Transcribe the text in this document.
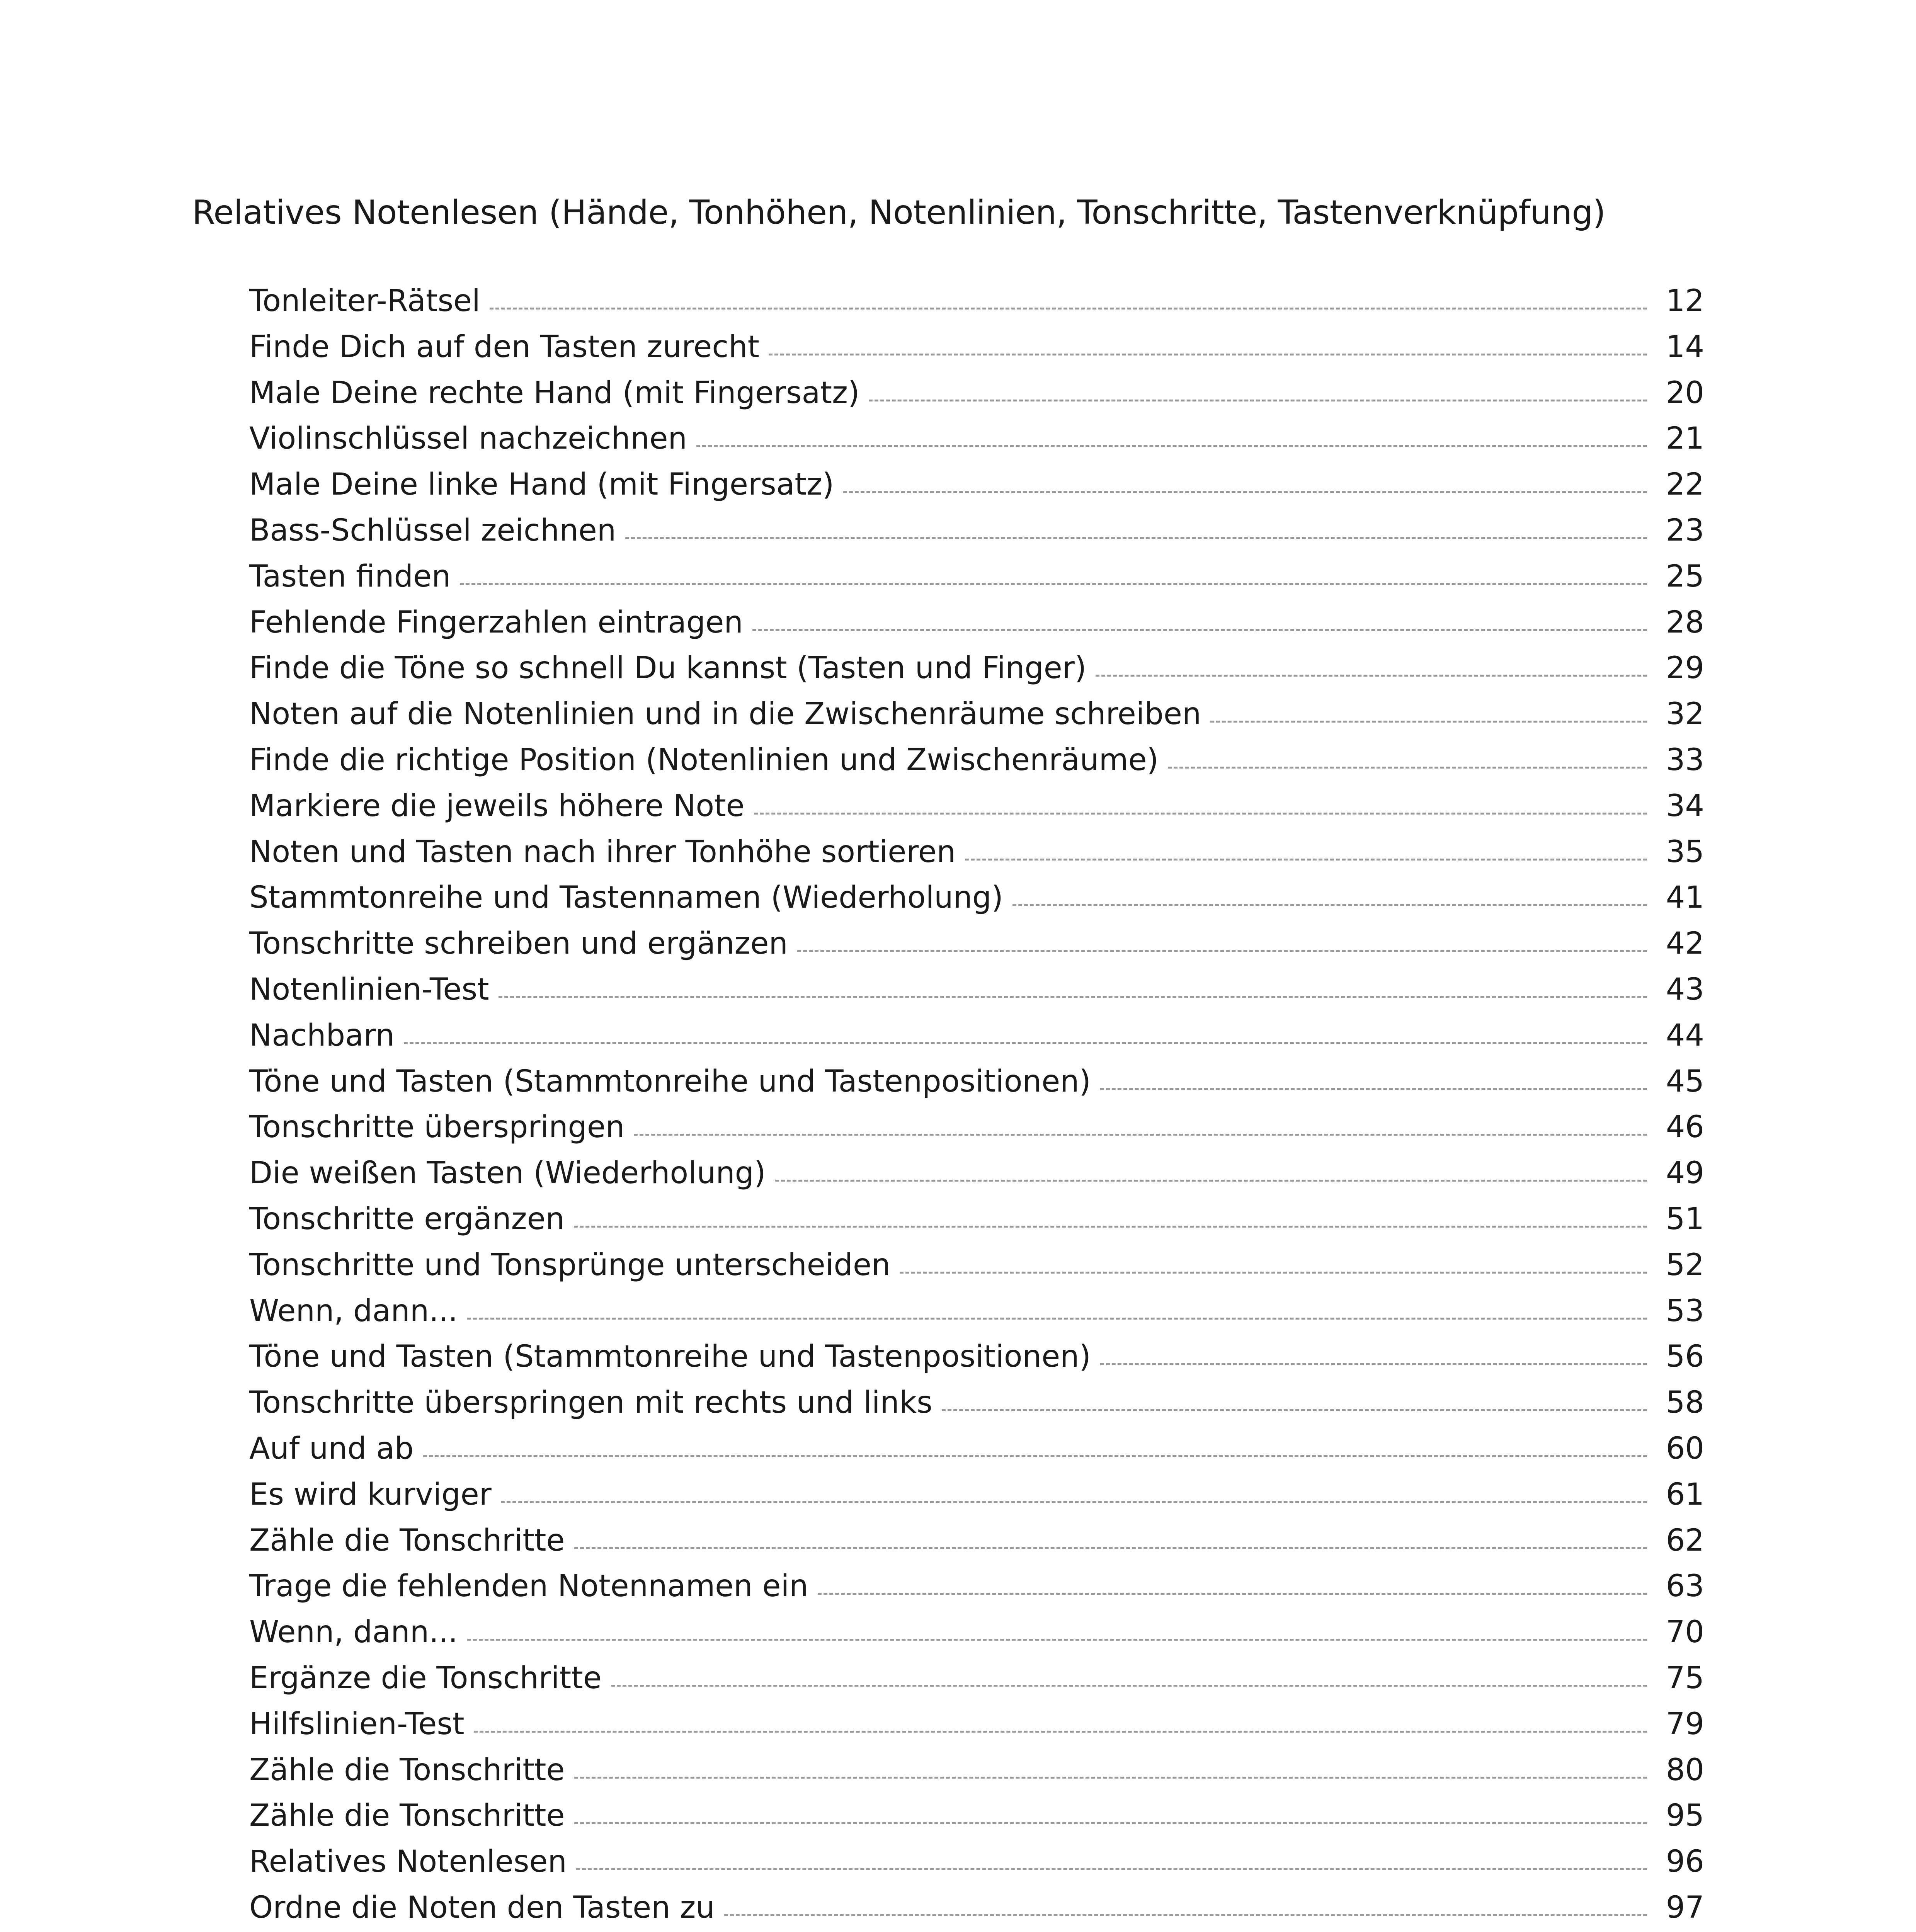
Relatives Notenlesen (Hände, Tonhöhen, Notenlinien, Tonschritte, Tastenverknüpfung)
Tonleiter-Rätsel	12
Finde Dich auf den Tasten zurecht	14
Male Deine rechte Hand (mit Fingersatz)	20
Violinschlüssel nachzeichnen	21
Male Deine linke Hand (mit Fingersatz)	22
Bass-Schlüssel zeichnen	23
Tasten finden	25
Fehlende Fingerzahlen eintragen	28
Finde die Töne so schnell Du kannst (Tasten und Finger)	29
Noten auf die Notenlinien und in die Zwischenräume schreiben	32
Finde die richtige Position (Notenlinien und Zwischenräume)	33
Markiere die jeweils höhere Note	34
Noten und Tasten nach ihrer Tonhöhe sortieren	35
Stammtonreihe und Tastennamen (Wiederholung)	41
Tonschritte schreiben und ergänzen	42
Notenlinien-Test	43
Nachbarn	44
Töne und Tasten (Stammtonreihe und Tastenpositionen)	45
Tonschritte überspringen	46
Die weißen Tasten (Wiederholung)	49
Tonschritte ergänzen	51
Tonschritte und Tonsprünge unterscheiden	52
Wenn, dann...	53
Töne und Tasten (Stammtonreihe und Tastenpositionen)	56
Tonschritte überspringen mit rechts und links	58
Auf und ab	60
Es wird kurviger	61
Zähle die Tonschritte	62
Trage die fehlenden Notennamen ein	63
Wenn, dann...	70
Ergänze die Tonschritte	75
Hilfslinien-Test	79
Zähle die Tonschritte	80
Zähle die Tonschritte	95
Relatives Notenlesen	96
Ordne die Noten den Tasten zu	97
